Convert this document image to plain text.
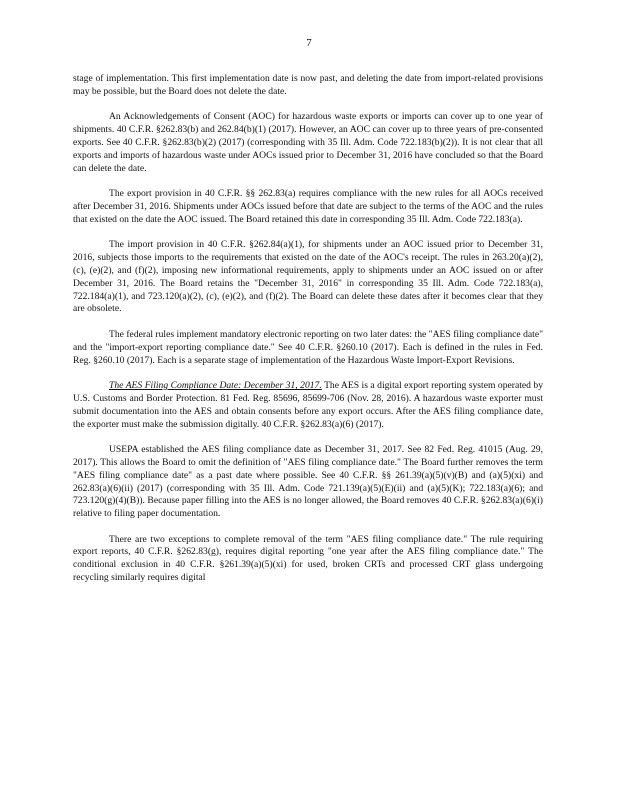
7

stage of implementation. This first implementation date is now past, and deleting the date from import-related provisions may be possible, but the Board does not delete the date.

An Acknowledgements of Consent (AOC) for hazardous waste exports or imports can cover up to one year of shipments. 40 C.F.R. §262.83(b) and 262.84(b)(1) (2017). However, an AOC can cover up to three years of pre-consented exports. See 40 C.F.R. §262.83(b)(2) (2017) (corresponding with 35 Ill. Adm. Code 722.183(b)(2)). It is not clear that all exports and imports of hazardous waste under AOCs issued prior to December 31, 2016 have concluded so that the Board can delete the date.

The export provision in 40 C.F.R. §§ 262.83(a) requires compliance with the new rules for all AOCs received after December 31, 2016. Shipments under AOCs issued before that date are subject to the terms of the AOC and the rules that existed on the date the AOC issued. The Board retained this date in corresponding 35 Ill. Adm. Code 722.183(a).

The import provision in 40 C.F.R. §262.84(a)(1), for shipments under an AOC issued prior to December 31, 2016, subjects those imports to the requirements that existed on the date of the AOC's receipt. The rules in 263.20(a)(2), (c), (e)(2), and (f)(2), imposing new informational requirements, apply to shipments under an AOC issued on or after December 31, 2016. The Board retains the "December 31, 2016" in corresponding 35 Ill. Adm. Code 722.183(a), 722.184(a)(1), and 723.120(a)(2), (c), (e)(2), and (f)(2). The Board can delete these dates after it becomes clear that they are obsolete.

The federal rules implement mandatory electronic reporting on two later dates: the "AES filing compliance date" and the "import-export reporting compliance date." See 40 C.F.R. §260.10 (2017). Each is defined in the rules in Fed. Reg. §260.10 (2017). Each is a separate stage of implementation of the Hazardous Waste Import-Export Revisions.

The AES Filing Compliance Date: December 31, 2017. The AES is a digital export reporting system operated by U.S. Customs and Border Protection. 81 Fed. Reg. 85696, 85699-706 (Nov. 28, 2016). A hazardous waste exporter must submit documentation into the AES and obtain consents before any export occurs. After the AES filing compliance date, the exporter must make the submission digitally. 40 C.F.R. §262.83(a)(6) (2017).

USEPA established the AES filing compliance date as December 31, 2017. See 82 Fed. Reg. 41015 (Aug. 29, 2017). This allows the Board to omit the definition of "AES filing compliance date." The Board further removes the term "AES filing compliance date" as a past date where possible. See 40 C.F.R. §§ 261.39(a)(5)(v)(B) and (a)(5)(xi) and 262.83(a)(6)(ii) (2017) (corresponding with 35 Ill. Adm. Code 721.139(a)(5)(E)(ii) and (a)(5)(K); 722.183(a)(6); and 723.120(g)(4)(B)). Because paper filling into the AES is no longer allowed, the Board removes 40 C.F.R. §262.83(a)(6)(i) relative to filing paper documentation.

There are two exceptions to complete removal of the term "AES filing compliance date." The rule requiring export reports, 40 C.F.R. §262.83(g), requires digital reporting "one year after the AES filing compliance date." The conditional exclusion in 40 C.F.R. §261.39(a)(5)(xi) for used, broken CRTs and processed CRT glass undergoing recycling similarly requires digital
